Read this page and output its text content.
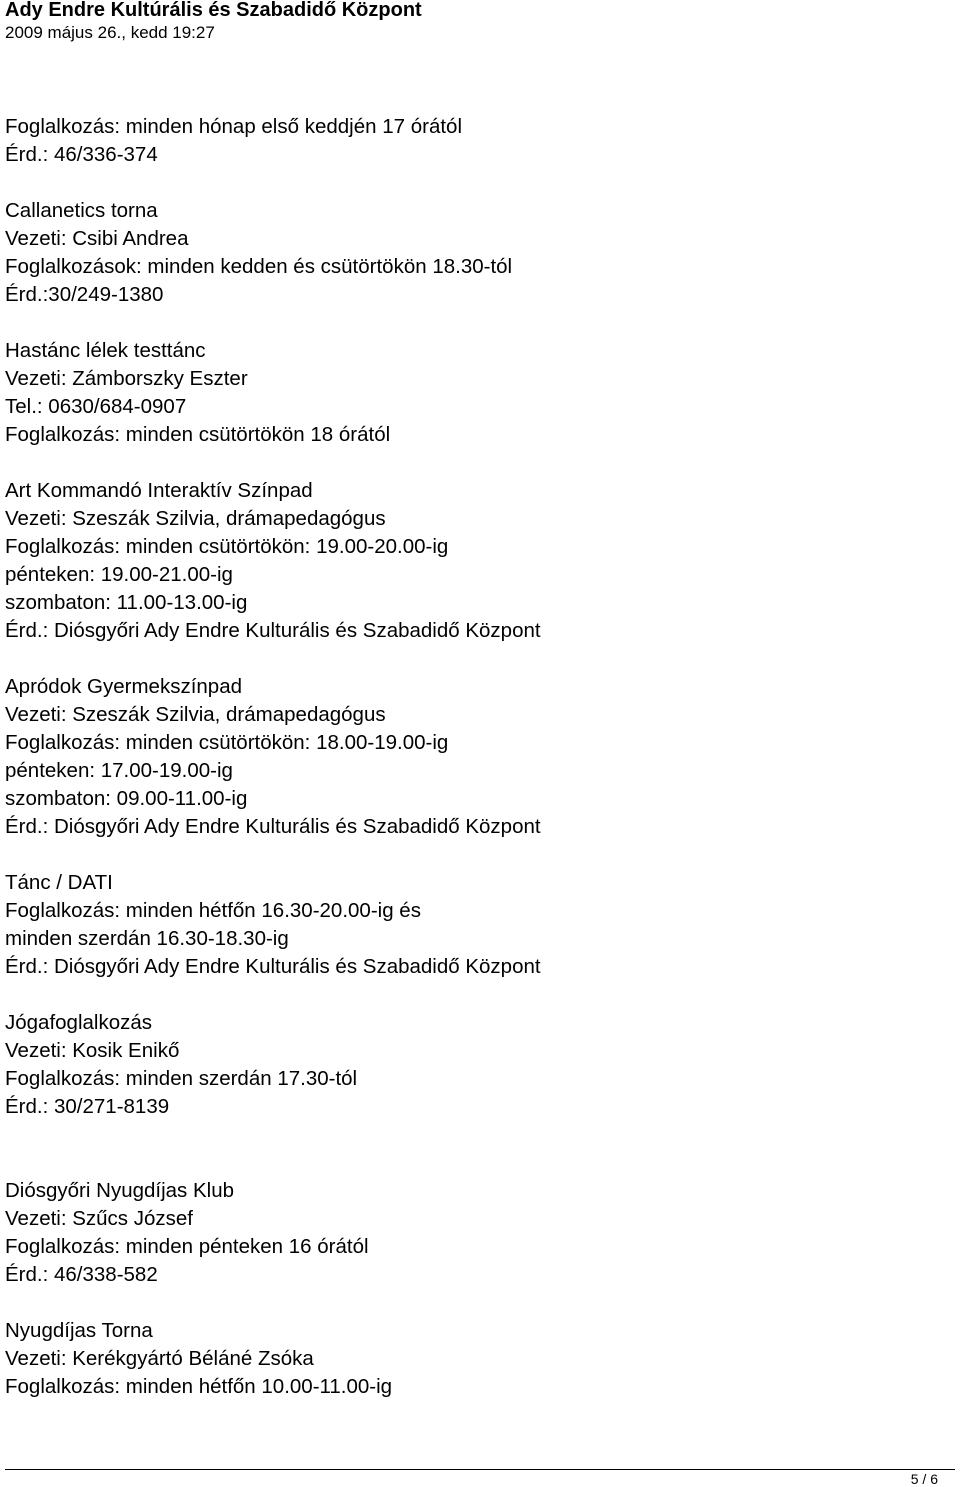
Ady Endre Kultúrális és Szabadidő Központ
2009 május 26., kedd 19:27
Foglalkozás: minden hónap első keddjén 17 órától
Érd.: 46/336-374
Callanetics torna
Vezeti: Csibi Andrea
Foglalkozások: minden kedden és csütörtökön 18.30-tól
Érd.:30/249-1380
Hastánc lélek testtánc
Vezeti: Zámborszky Eszter
Tel.: 0630/684-0907
Foglalkozás: minden csütörtökön 18 órától
Art Kommandó Interaktív Színpad
Vezeti: Szeszák Szilvia, drámapedagógus
Foglalkozás: minden csütörtökön: 19.00-20.00-ig
pénteken: 19.00-21.00-ig
szombaton: 11.00-13.00-ig
Érd.: Diósgyőri Ady Endre Kulturális és Szabadidő Központ
Apródok Gyermekszínpad
Vezeti: Szeszák Szilvia, drámapedagógus
Foglalkozás: minden csütörtökön: 18.00-19.00-ig
pénteken: 17.00-19.00-ig
szombaton: 09.00-11.00-ig
Érd.: Diósgyőri Ady Endre Kulturális és Szabadidő Központ
Tánc / DATI
Foglalkozás: minden hétfőn 16.30-20.00-ig és
minden szerdán 16.30-18.30-ig
Érd.: Diósgyőri Ady Endre Kulturális és Szabadidő Központ
Jógafoglalkozás
Vezeti: Kosik Enikő
Foglalkozás: minden szerdán 17.30-tól
Érd.: 30/271-8139
Diósgyőri Nyugdíjas Klub
Vezeti: Szűcs József
Foglalkozás: minden pénteken 16 órától
Érd.: 46/338-582
Nyugdíjas Torna
Vezeti: Kerékgyártó Béláné Zsóka
Foglalkozás: minden hétfőn 10.00-11.00-ig
5 / 6
